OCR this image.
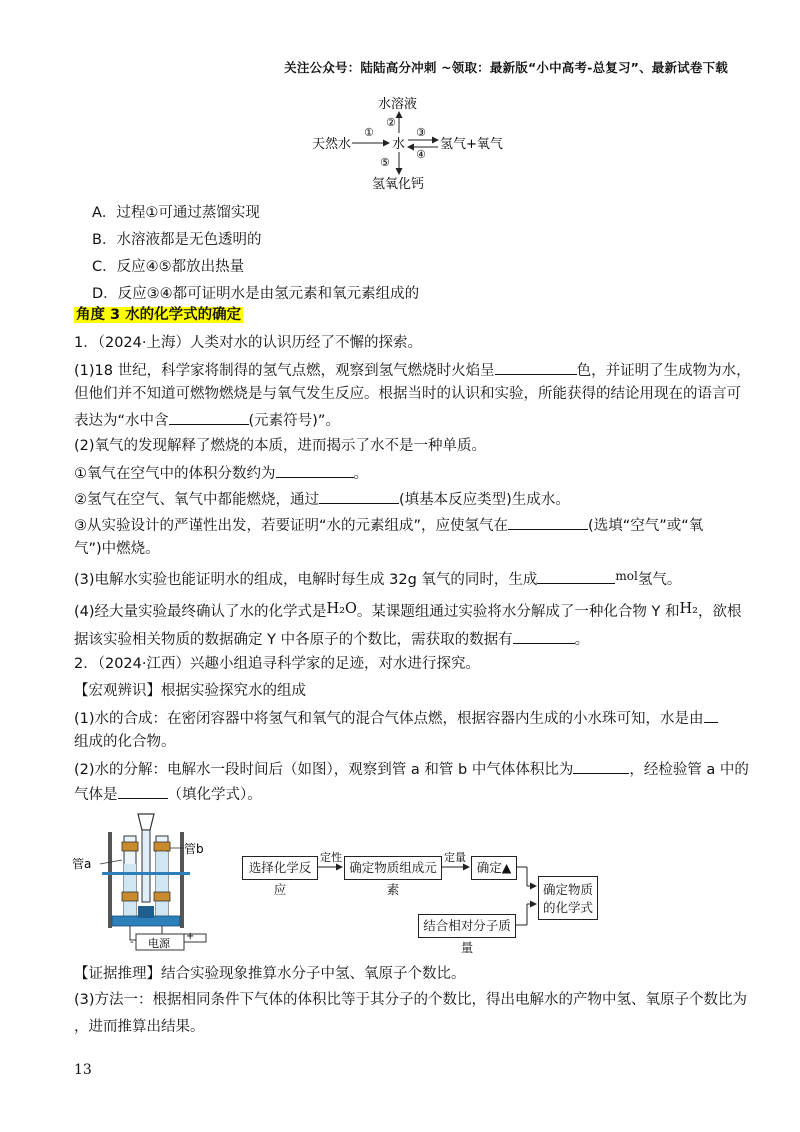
关注公众号：陆陆高分冲刺 ~领取：最新版“小中高考-总复习”、最新试卷下载
水溶液
天然水	水	氢气+氧气
氢氧化钙
①
②
③
④
⑤
A．过程①可通过蒸馏实现
B．水溶液都是无色透明的
C．反应④⑤都放出热量
D．反应③④都可证明水是由氢元素和氧元素组成的
角度 3 水的化学式的确定
1．（2024·上海）人类对水的认识历经了不懈的探索。
(1)18 世纪，科学家将制得的氢气点燃，观察到氢气燃烧时火焰呈	色，并证明了生成物为水，
但他们并不知道可燃物燃烧是与氧气发生反应。根据当时的认识和实验，所能获得的结论用现在的语言可
表达为“水中含	(元素符号)”。
(2)氧气的发现解释了燃烧的本质，进而揭示了水不是一种单质。
①氧气在空气中的体积分数约为	。
②氢气在空气、氧气中都能燃烧，通过	(填基本反应类型)生成水。
③从实验设计的严谨性出发，若要证明“水的元素组成”，应使氢气在	(选填“空气”或“氧
气”)中燃烧。
(3)电解水实验也能证明水的组成，电解时每生成 32g 氧气的同时，生成	$^{mol}$氢气。
(4)经大量实验最终确认了水的化学式是H₂O。某课题组通过实验将水分解成了一种化合物 Y 和H₂，欲根
据该实验相关物质的数据确定 Y 中各原子的个数比，需获取的数据有	。
2．（2024·江西）兴趣小组追寻科学家的足迹，对水进行探究。
【宏观辨识】根据实验探究水的组成
(1)水的合成：在密闭容器中将氢气和氧气的混合气体点燃，根据容器内生成的小水珠可知，水是由
组成的化合物。
(2)水的分解：电解水一段时间后（如图），观察到管 a 和管 b 中气体体积比为	，经检验管 a 中的
气体是	（填化学式）。
电源
-
+
管a
管b
选择化学反应
确定物质组成元素
确定▲
确定物质的化学式
结合相对分子质量
定性	定量
【证据推理】结合实验现象推算水分子中氢、氧原子个数比。
(3)方法一：根据相同条件下气体的体积比等于其分子的个数比，得出电解水的产物中氢、氧原子个数比为
，进而推算出结果。
13
